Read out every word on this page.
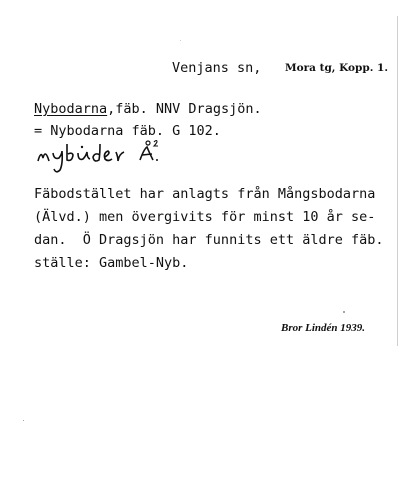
Venjans sn, Mora tg, Kopp. 1.
Nybodarna,fäb. NNV Dragsjön.
= Nybodarna fäb. G 102.
Fäbodstället har anlagts från Mångsbodarna
(Älvd.) men övergivits för minst 10 år se-
dan.  Ö Dragsjön har funnits ett äldre fäb.
ställe: Gambel-Nyb.
Bror Lindén 1939.
